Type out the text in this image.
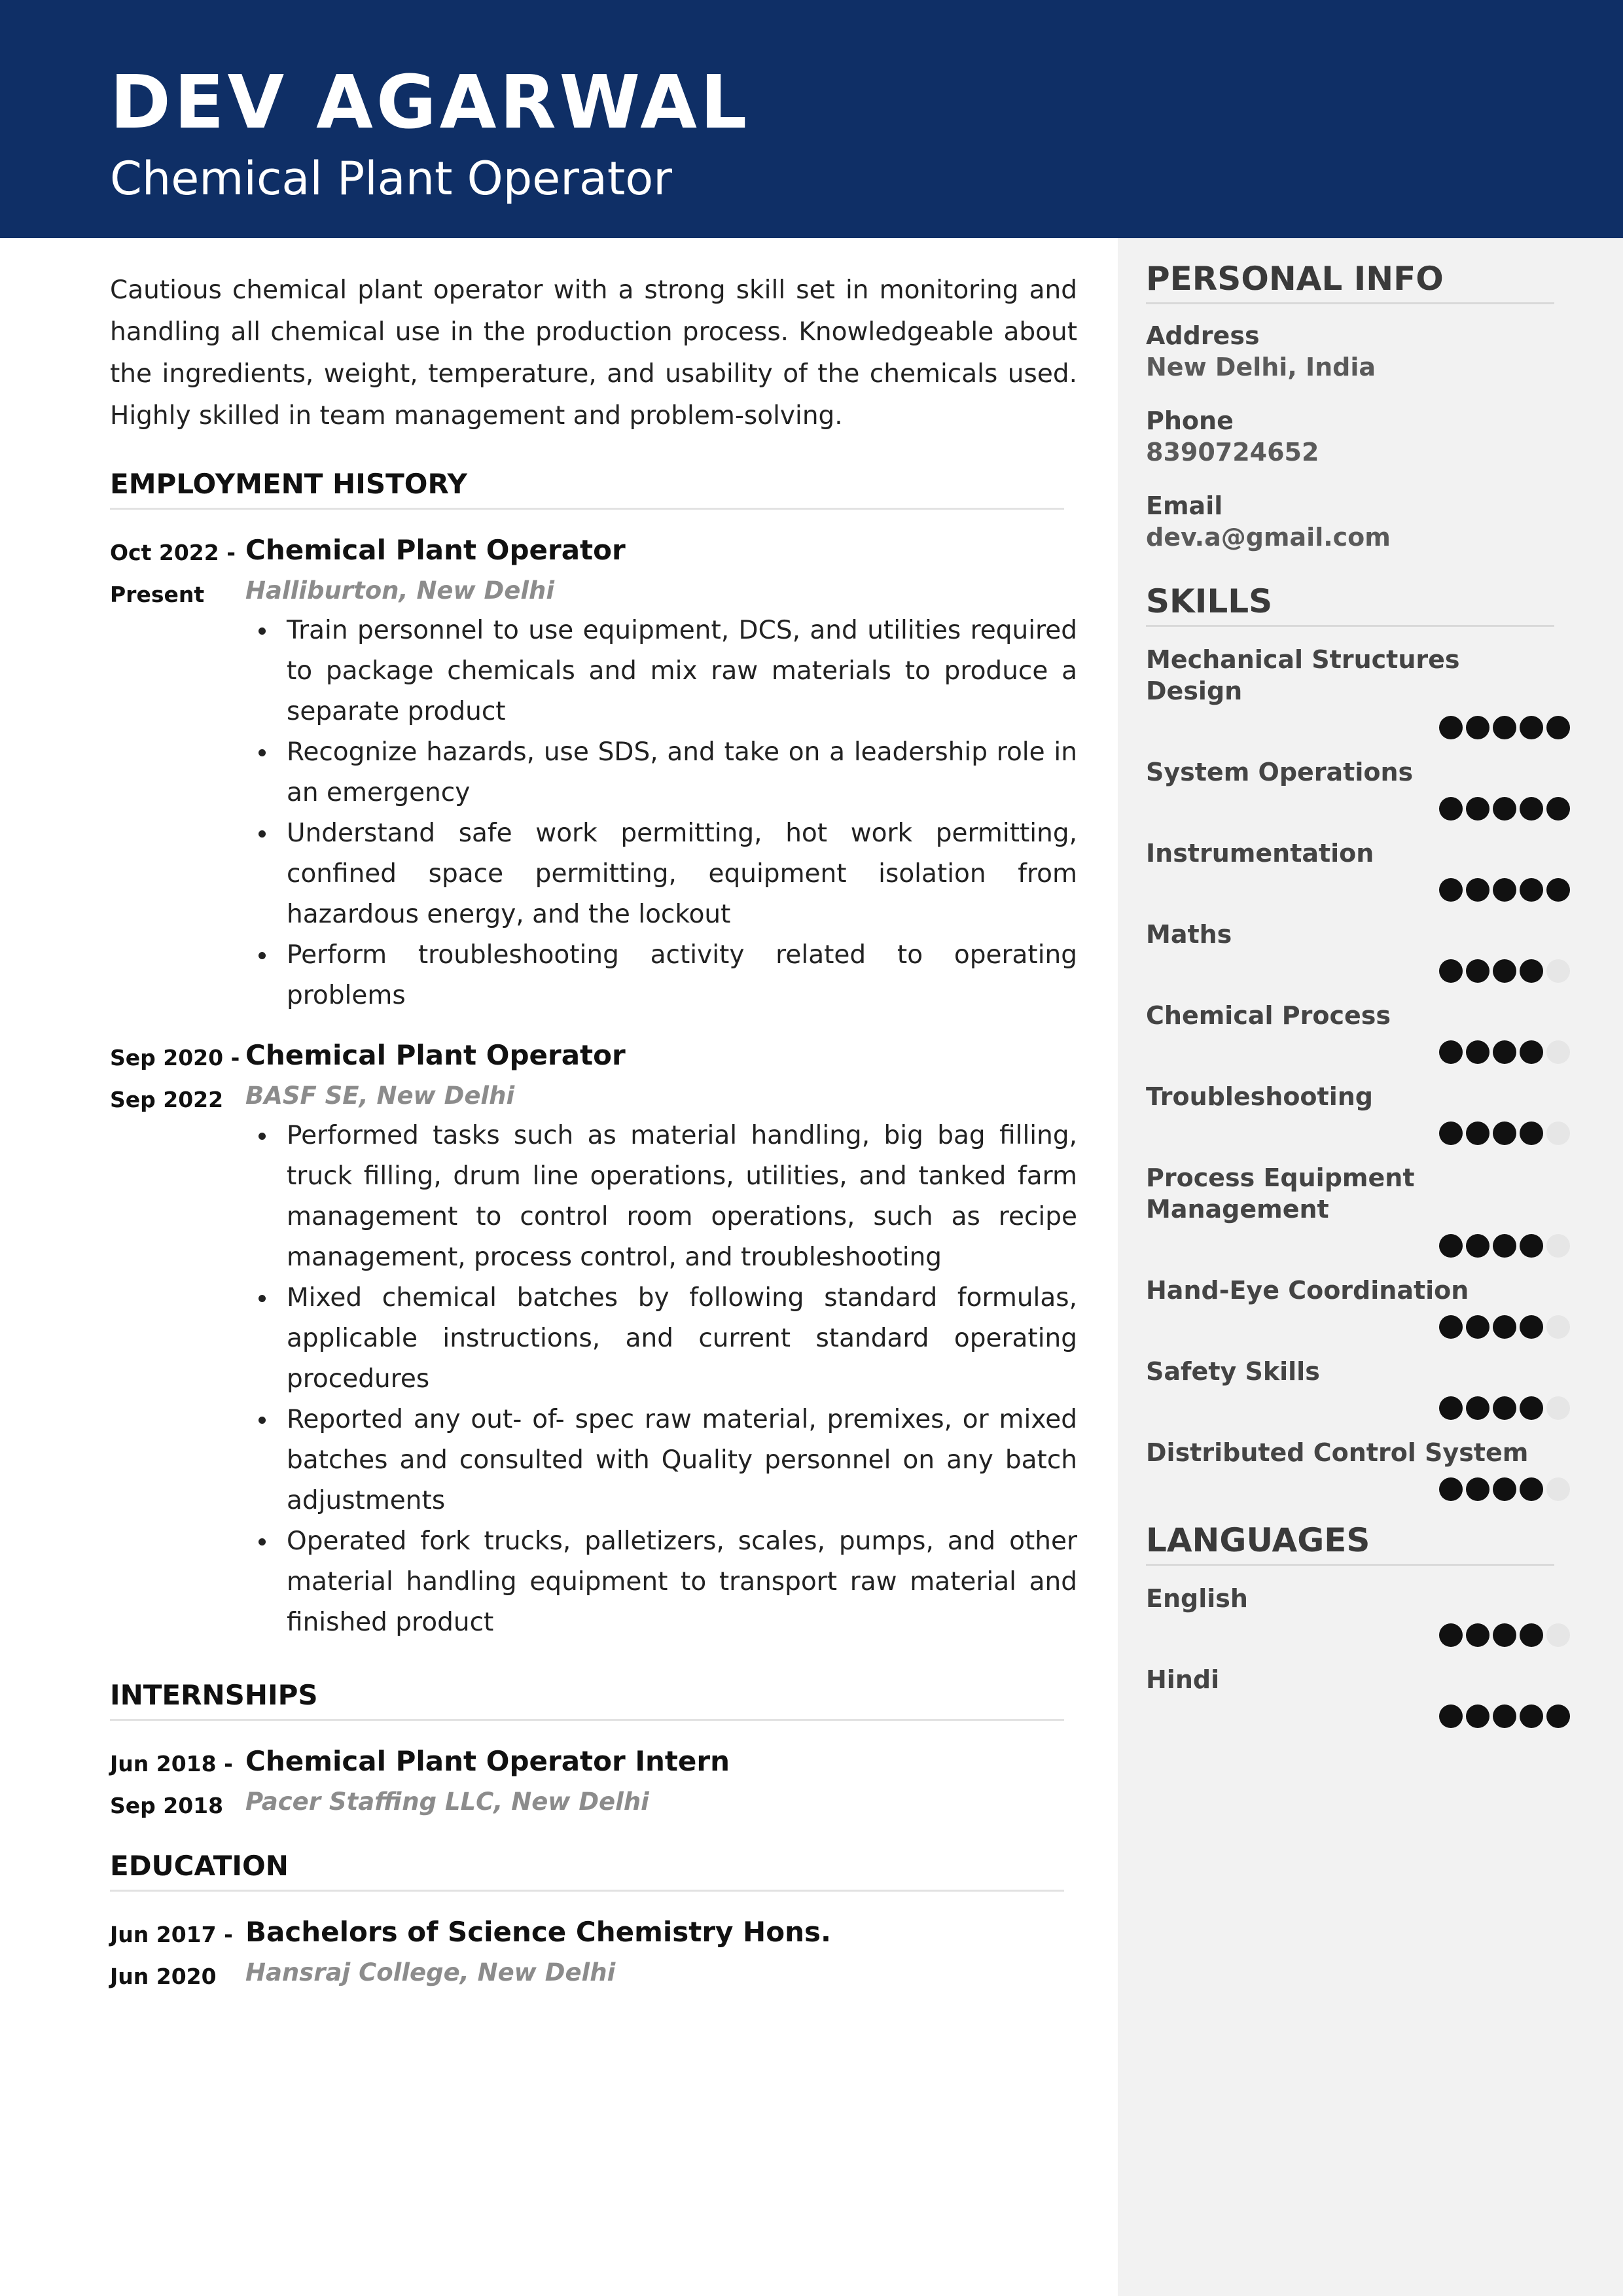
DEV AGARWAL
Chemical Plant Operator

Cautious chemical plant operator with a strong skill set in monitoring and handling all chemical use in the production process. Knowledgeable about the ingredients, weight, temperature, and usability of the chemicals used. Highly skilled in team management and problem-solving.

EMPLOYMENT HISTORY
Oct 2022 -
Present
Chemical Plant Operator
Halliburton, New Delhi
Train personnel to use equipment, DCS, and utilities required to package chemicals and mix raw materials to produce a separate product
Recognize hazards, use SDS, and take on a leadership role in an emergency
Understand safe work permitting, hot work permitting, confined space permitting, equipment isolation from hazardous energy, and the lockout
Perform troubleshooting activity related to operating problems
Sep 2020 -
Sep 2022
Chemical Plant Operator
BASF SE, New Delhi
Performed tasks such as material handling, big bag filling, truck filling, drum line operations, utilities, and tanked farm management to control room operations, such as recipe management, process control, and troubleshooting
Mixed chemical batches by following standard formulas, applicable instructions, and current standard operating procedures
Reported any out- of- spec raw material, premixes, or mixed batches and consulted with Quality personnel on any batch adjustments
Operated fork trucks, palletizers, scales, pumps, and other material handling equipment to transport raw material and finished product
INTERNSHIPS
Jun 2018 -
Sep 2018
Chemical Plant Operator Intern
Pacer Staffing LLC, New Delhi
EDUCATION
Jun 2017 -
Jun 2020
Bachelors of Science Chemistry Hons.
Hansraj College, New Delhi
PERSONAL INFO
Address
New Delhi, India
Phone
8390724652
Email
dev.a@gmail.com
SKILLS
Mechanical Structures Design
System Operations
Instrumentation
Maths
Chemical Process
Troubleshooting
Process Equipment Management
Hand-Eye Coordination
Safety Skills
Distributed Control System
LANGUAGES
English
Hindi
